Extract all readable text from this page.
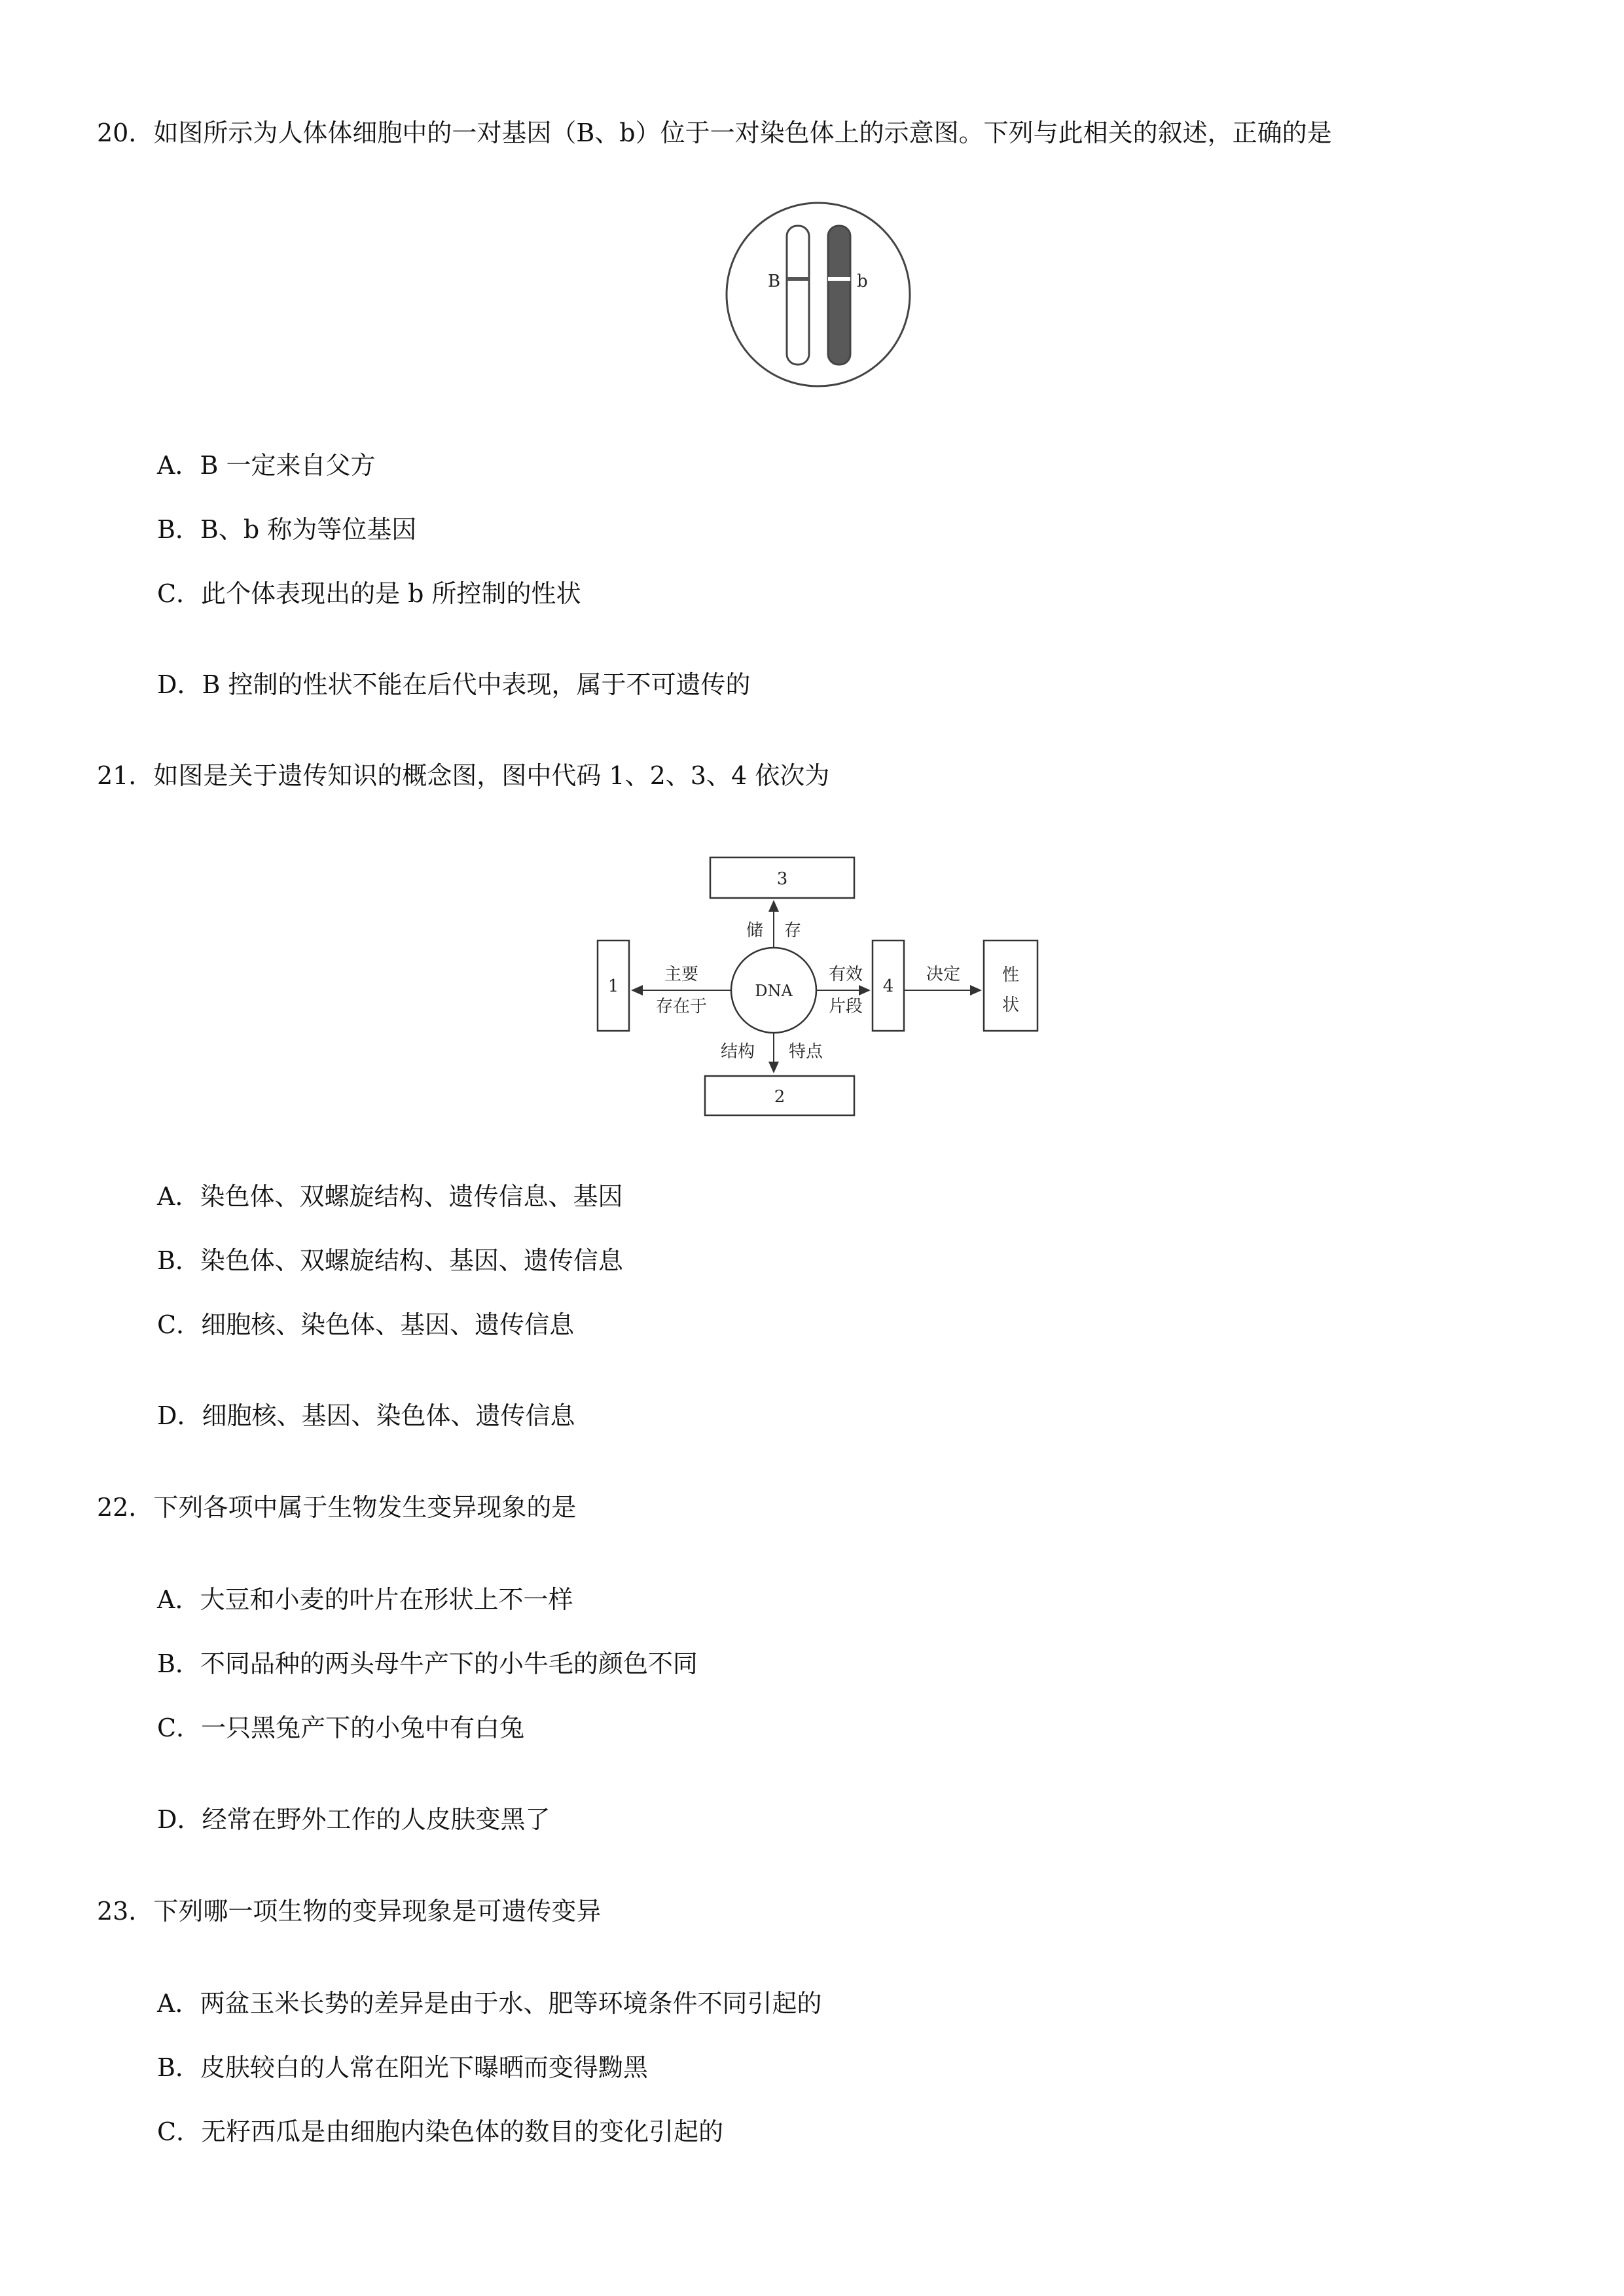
20．如图所示为人体体细胞中的一对基因（B、b）位于一对染色体上的示意图。下列与此相关的叙述，正确的是
B	b
A．B 一定来自父方
B．B、b 称为等位基因
C．此个体表现出的是 b 所控制的性状
D．B 控制的性状不能在后代中表现，属于不可遗传的
21．如图是关于遗传知识的概念图，图中代码 1、2、3、4 依次为
3
DNA
储 存
1
主要
存在于
4
有效
片段
性
状
决定
结构 特点
2
A．染色体、双螺旋结构、遗传信息、基因
B．染色体、双螺旋结构、基因、遗传信息
C．细胞核、染色体、基因、遗传信息
D．细胞核、基因、染色体、遗传信息
22．下列各项中属于生物发生变异现象的是
A．大豆和小麦的叶片在形状上不一样
B．不同品种的两头母牛产下的小牛毛的颜色不同
C．一只黑兔产下的小兔中有白兔
D．经常在野外工作的人皮肤变黑了
23．下列哪一项生物的变异现象是可遗传变异
A．两盆玉米长势的差异是由于水、肥等环境条件不同引起的
B．皮肤较白的人常在阳光下曝晒而变得黝黑
C．无籽西瓜是由细胞内染色体的数目的变化引起的
